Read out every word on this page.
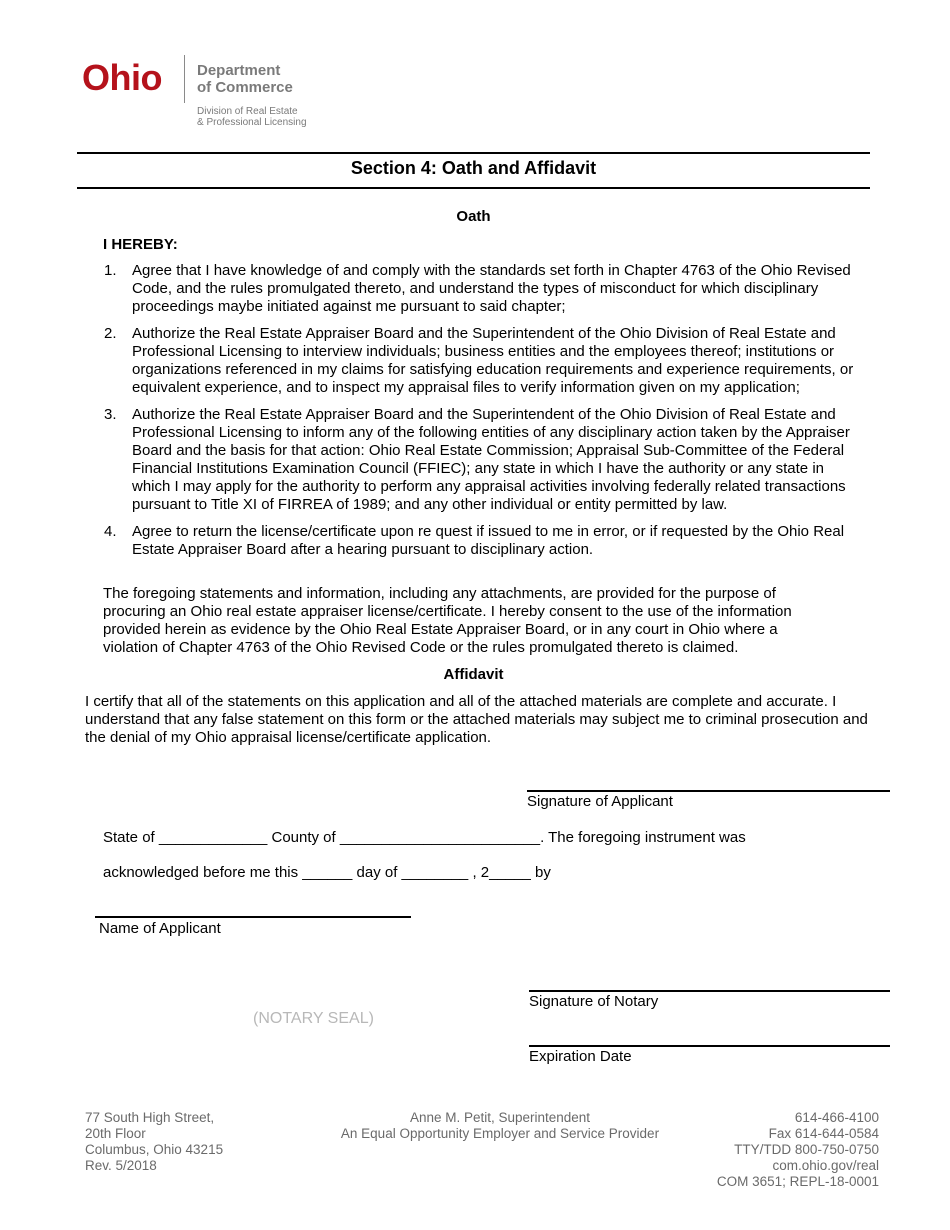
Ohio Department
of Commerce
Division of Real Estate
& Professional Licensing
Section 4: Oath and Affidavit
Oath
I HEREBY:
1.	Agree that I have knowledge of and comply with the standards set forth in Chapter 4763 of the Ohio Revised Code, and the rules promulgated thereto, and understand the types of misconduct for which disciplinary proceedings maybe initiated against me pursuant to said chapter;
2.	Authorize the Real Estate Appraiser Board and the Superintendent of the Ohio Division of Real Estate and Professional Licensing to interview individuals; business entities and the employees thereof; institutions or organizations referenced in my claims for satisfying education requirements and experience requirements, or equivalent experience, and to inspect my appraisal files to verify information given on my application;
3.	Authorize the Real Estate Appraiser Board and the Superintendent of the Ohio Division of Real Estate and Professional Licensing to inform any of the following entities of any disciplinary action taken by the Appraiser Board and the basis for that action: Ohio Real Estate Commission; Appraisal Sub-Committee of the Federal Financial Institutions Examination Council (FFIEC); any state in which I have the authority or any state in which I may apply for the authority to perform any appraisal activities involving federally related transactions pursuant to Title XI of FIRREA of 1989; and any other individual or entity permitted by law.
4.	Agree to return the license/certificate upon re quest if issued to me in error, or if requested by the Ohio Real Estate Appraiser Board after a hearing pursuant to disciplinary action.
The foregoing statements and information, including any attachments, are provided for the purpose of procuring an Ohio real estate appraiser license/certificate. I hereby consent to the use of the information provided herein as evidence by the Ohio Real Estate Appraiser Board, or in any court in Ohio where a violation of Chapter 4763 of the Ohio Revised Code or the rules promulgated thereto is claimed.
Affidavit
I certify that all of the statements on this application and all of the attached materials are complete and accurate. I understand that any false statement on this form or the attached materials may subject me to criminal prosecution and the denial of my Ohio appraisal license/certificate application.
Signature of Applicant
State of _____________ County of ________________________. The foregoing instrument was
acknowledged before me this ______ day of ________ , 2_____ by
Name of Applicant
Signature of Notary
(NOTARY SEAL)
Expiration Date
77 South High Street,
20th Floor
Columbus, Ohio 43215
Rev. 5/2018
Anne M. Petit, Superintendent
An Equal Opportunity Employer and Service Provider
614-466-4100
Fax 614-644-0584
TTY/TDD 800-750-0750
com.ohio.gov/real
COM 3651; REPL-18-0001
